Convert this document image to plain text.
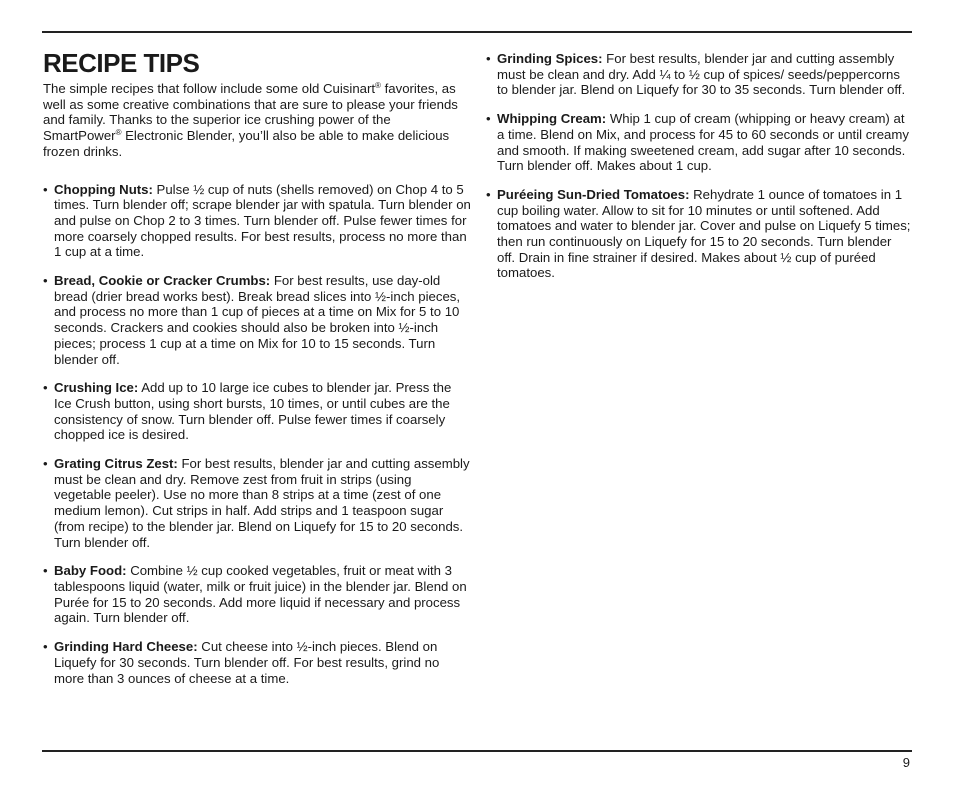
RECIPE TIPS

The simple recipes that follow include some old Cuisinart® favorites, as well as some creative combinations that are sure to please your friends and family. Thanks to the superior ice crushing power of the SmartPower® Electronic Blender, you’ll also be able to make delicious frozen drinks.

• Chopping Nuts: Pulse ½ cup of nuts (shells removed) on Chop 4 to 5 times. Turn blender off; scrape blender jar with spatula. Turn blender on and pulse on Chop 2 to 3 times. Turn blender off. Pulse fewer times for more coarsely chopped results. For best results, process no more than 1 cup at a time.
• Bread, Cookie or Cracker Crumbs: For best results, use day-old bread (drier bread works best). Break bread slices into ½-inch pieces, and process no more than 1 cup of pieces at a time on Mix for 5 to 10 seconds. Crackers and cookies should also be broken into ½-inch pieces; process 1 cup at a time on Mix for 10 to 15 seconds. Turn blender off.
• Crushing Ice: Add up to 10 large ice cubes to blender jar. Press the Ice Crush button, using short bursts, 10 times, or until cubes are the consistency of snow. Turn blender off. Pulse fewer times if coarsely chopped ice is desired.
• Grating Citrus Zest: For best results, blender jar and cutting assembly must be clean and dry. Remove zest from fruit in strips (using vegetable peeler). Use no more than 8 strips at a time (zest of one medium lemon). Cut strips in half. Add strips and 1 teaspoon sugar (from recipe) to the blender jar. Blend on Liquefy for 15 to 20 seconds. Turn blender off.
• Baby Food: Combine ½ cup cooked vegetables, fruit or meat with 3 tablespoons liquid (water, milk or fruit juice) in the blender jar. Blend on Purée for 15 to 20 seconds. Add more liquid if necessary and process again. Turn blender off.
• Grinding Hard Cheese: Cut cheese into ½-inch pieces. Blend on Liquefy for 30 seconds. Turn blender off. For best results, grind no more than 3 ounces of cheese at a time.
• Grinding Spices: For best results, blender jar and cutting assembly must be clean and dry. Add ¼ to ½ cup of spices/ seeds/peppercorns to blender jar. Blend on Liquefy for 30 to 35 seconds. Turn blender off.
• Whipping Cream: Whip 1 cup of cream (whipping or heavy cream) at a time. Blend on Mix, and process for 45 to 60 seconds or until creamy and smooth. If making sweetened cream, add sugar after 10 seconds. Turn blender off. Makes about 1 cup.
• Puréeing Sun-Dried Tomatoes: Rehydrate 1 ounce of tomatoes in 1 cup boiling water. Allow to sit for 10 minutes or until softened. Add tomatoes and water to blender jar. Cover and pulse on Liquefy 5 times; then run continuously on Liquefy for 15 to 20 seconds. Turn blender off. Drain in fine strainer if desired. Makes about ½ cup of puréed tomatoes.
9
